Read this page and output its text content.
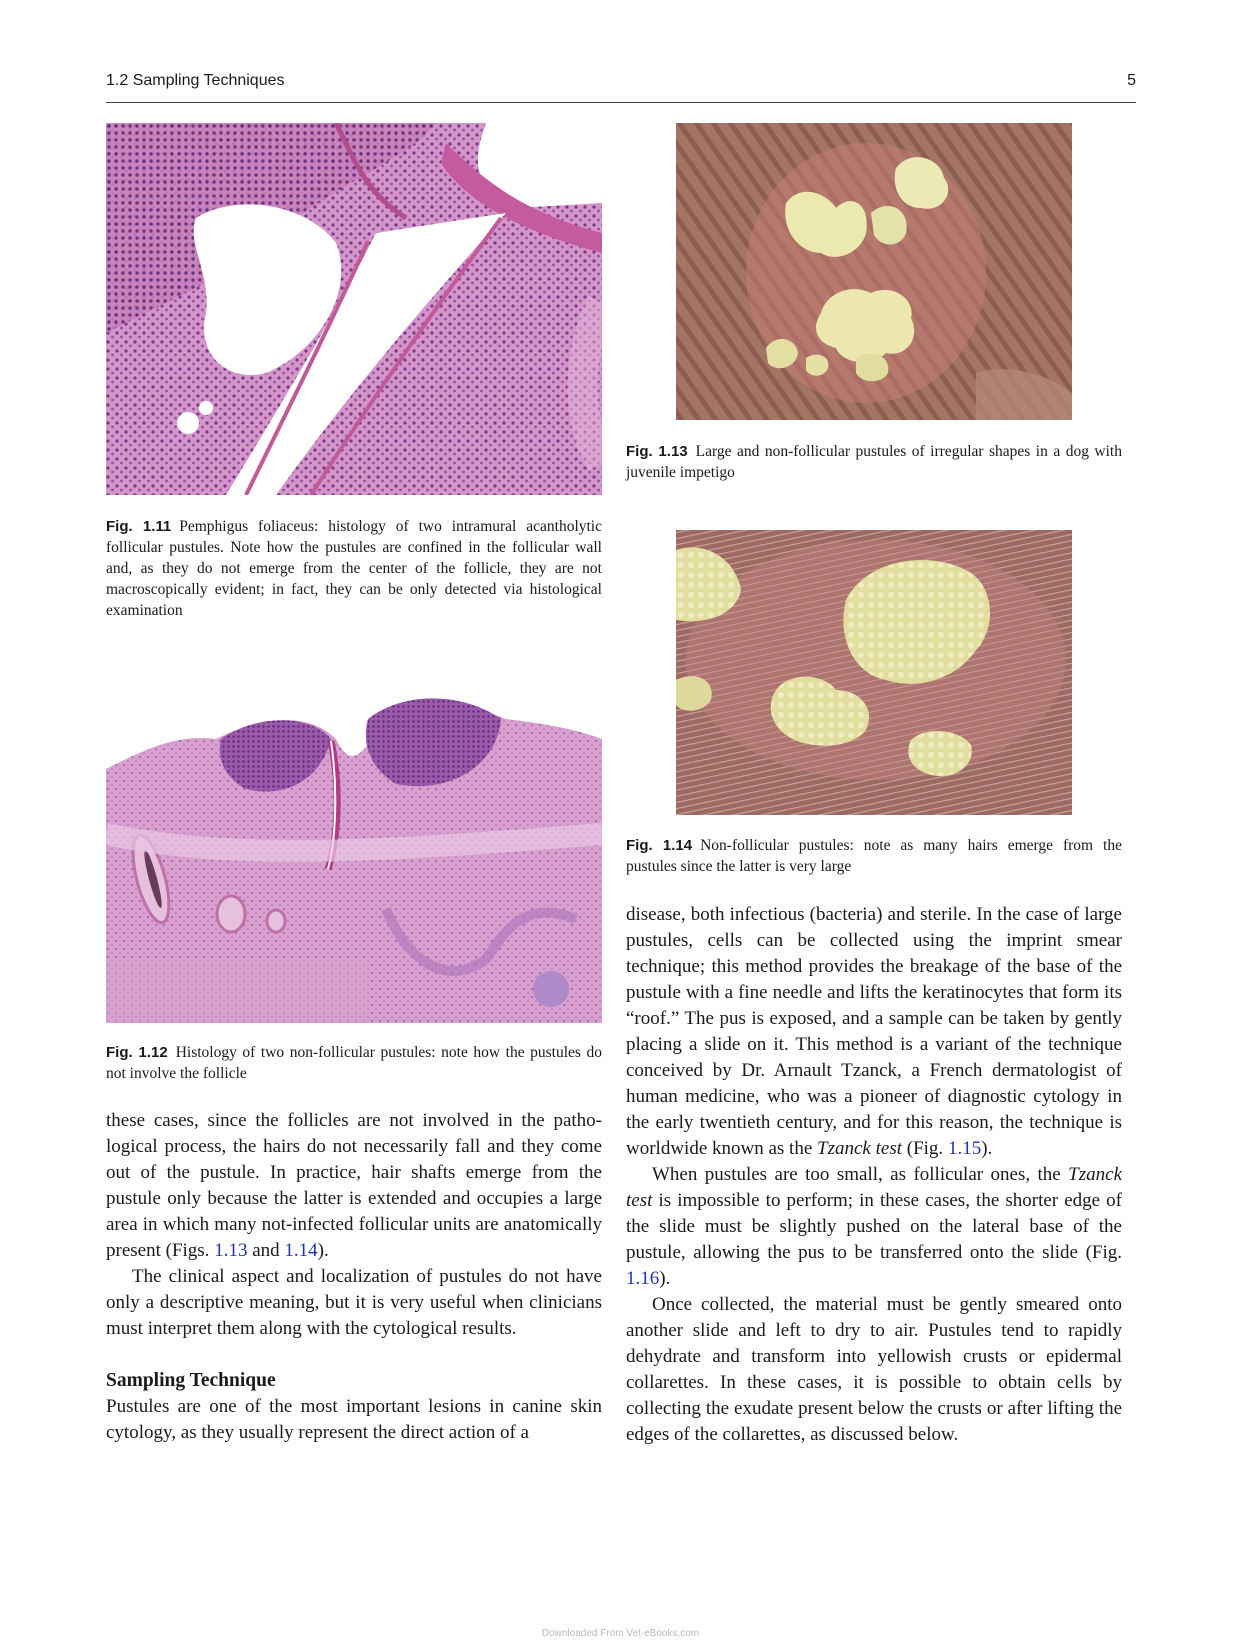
1.2 Sampling Techniques	5
Fig. 1.11 Pemphigus foliaceus: histology of two intramural acantholytic follicular pustules. Note how the pustules are confined in the follicular wall and, as they do not emerge from the center of the follicle, they are not macroscopically evident; in fact, they can be only detected via histological examination
Fig. 1.12 Histology of two non-follicular pustules: note how the pustules do not involve the follicle
Fig. 1.13 Large and non-follicular pustules of irregular shapes in a dog with juvenile impetigo
Fig. 1.14 Non-follicular pustules: note as many hairs emerge from the pustules since the latter is very large

these cases, since the follicles are not involved in the patho-logical process, the hairs do not necessarily fall and they come out of the pustule. In practice, hair shafts emerge from the pustule only because the latter is extended and occupies a large area in which many not-infected follicular units are anatomically present (Figs. 1.13 and 1.14).

The clinical aspect and localization of pustules do not have only a descriptive meaning, but it is very useful when clinicians must interpret them along with the cytological results.

Sampling Technique

Pustules are one of the most important lesions in canine skin cytology, as they usually represent the direct action of a

disease, both infectious (bacteria) and sterile. In the case of large pustules, cells can be collected using the imprint smear technique; this method provides the breakage of the base of the pustule with a fine needle and lifts the keratinocytes that form its “roof.” The pus is exposed, and a sample can be taken by gently placing a slide on it. This method is a variant of the technique conceived by Dr. Arnault Tzanck, a French dermatologist of human medicine, who was a pioneer of diagnostic cytology in the early twentieth century, and for this reason, the technique is worldwide known as the Tzanck test (Fig. 1.15).

When pustules are too small, as follicular ones, the Tzanck test is impossible to perform; in these cases, the shorter edge of the slide must be slightly pushed on the lateral base of the pustule, allowing the pus to be transferred onto the slide (Fig. 1.16).

Once collected, the material must be gently smeared onto another slide and left to dry to air. Pustules tend to rapidly dehydrate and transform into yellowish crusts or epidermal collarettes. In these cases, it is possible to obtain cells by collecting the exudate present below the crusts or after lifting the edges of the collarettes, as discussed below.

Downloaded From Vet-eBooks.com
